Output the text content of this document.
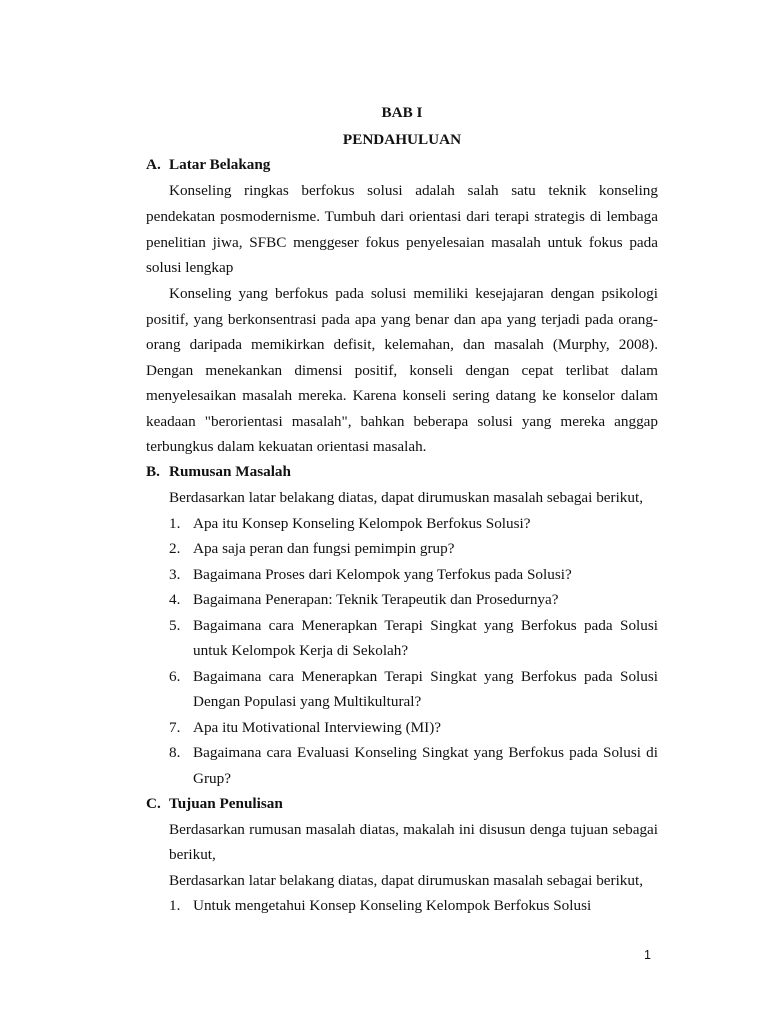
BAB I
PENDAHULUAN
A. Latar Belakang
Konseling ringkas berfokus solusi adalah salah satu teknik konseling
pendekatan posmodernisme. Tumbuh dari orientasi dari terapi strategis di lembaga
penelitian jiwa, SFBC menggeser fokus penyelesaian masalah untuk fokus pada
solusi lengkap
Konseling yang berfokus pada solusi memiliki kesejajaran dengan psikologi
positif, yang berkonsentrasi pada apa yang benar dan apa yang terjadi pada orang-
orang daripada memikirkan defisit, kelemahan, dan masalah (Murphy, 2008).
Dengan menekankan dimensi positif, konseli dengan cepat terlibat dalam
menyelesaikan masalah mereka. Karena konseli sering datang ke konselor dalam
keadaan "berorientasi masalah", bahkan beberapa solusi yang mereka anggap
terbungkus dalam kekuatan orientasi masalah.
B. Rumusan Masalah
Berdasarkan latar belakang diatas, dapat dirumuskan masalah sebagai berikut,
1. Apa itu Konsep Konseling Kelompok Berfokus Solusi?
2. Apa saja peran dan fungsi pemimpin grup?
3. Bagaimana Proses dari Kelompok yang Terfokus pada Solusi?
4. Bagaimana Penerapan: Teknik Terapeutik dan Prosedurnya?
5. Bagaimana cara Menerapkan Terapi Singkat yang Berfokus pada Solusi
untuk Kelompok Kerja di Sekolah?
6. Bagaimana cara Menerapkan Terapi Singkat yang Berfokus pada Solusi
Dengan Populasi yang Multikultural?
7. Apa itu Motivational Interviewing (MI)?
8. Bagaimana cara Evaluasi Konseling Singkat yang Berfokus pada Solusi di
Grup?
C. Tujuan Penulisan
Berdasarkan rumusan masalah diatas, makalah ini disusun denga tujuan sebagai
berikut,
Berdasarkan latar belakang diatas, dapat dirumuskan masalah sebagai berikut,
1. Untuk mengetahui Konsep Konseling Kelompok Berfokus Solusi
1
